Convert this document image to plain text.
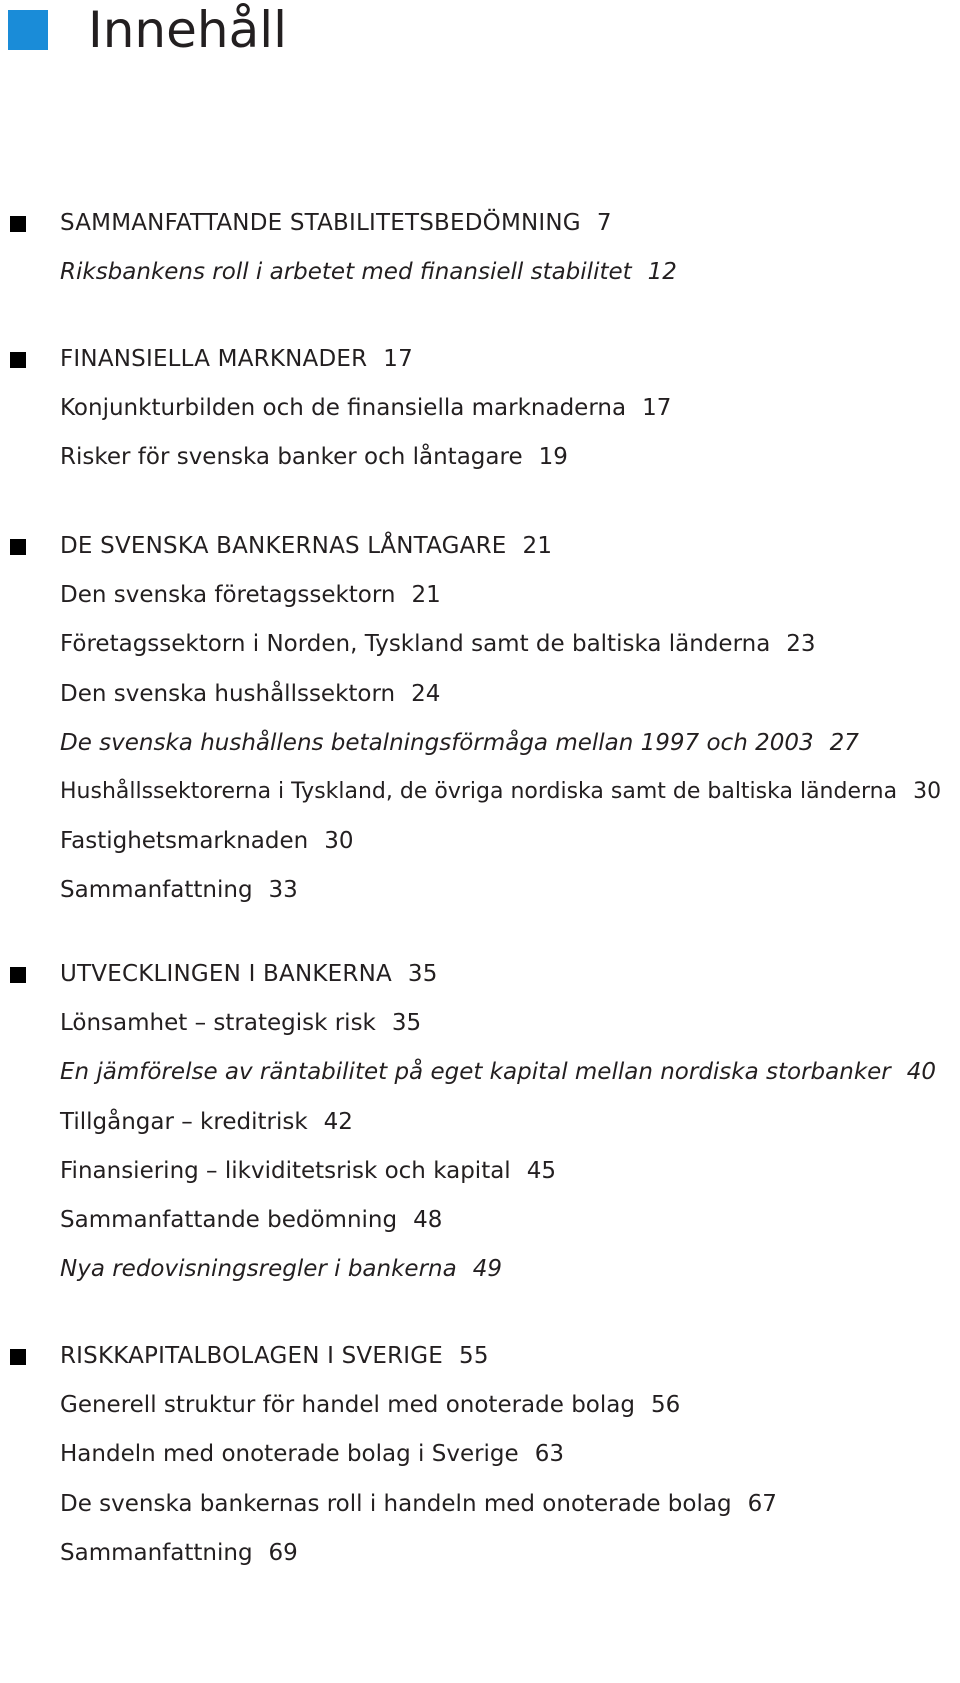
Innehåll
SAMMANFATTANDE STABILITETSBEDÖMNING 7
Riksbankens roll i arbetet med finansiell stabilitet 12
FINANSIELLA MARKNADER 17
Konjunkturbilden och de finansiella marknaderna 17
Risker för svenska banker och låntagare 19
DE SVENSKA BANKERNAS LÅNTAGARE 21
Den svenska företagssektorn 21
Företagssektorn i Norden, Tyskland samt de baltiska länderna 23
Den svenska hushållssektorn 24
De svenska hushållens betalningsförmåga mellan 1997 och 2003 27
Hushållssektorerna i Tyskland, de övriga nordiska samt de baltiska länderna 30
Fastighetsmarknaden 30
Sammanfattning 33
UTVECKLINGEN I BANKERNA 35
Lönsamhet – strategisk risk 35
En jämförelse av räntabilitet på eget kapital mellan nordiska storbanker 40
Tillgångar – kreditrisk 42
Finansiering – likviditetsrisk och kapital 45
Sammanfattande bedömning 48
Nya redovisningsregler i bankerna 49
RISKKAPITALBOLAGEN I SVERIGE 55
Generell struktur för handel med onoterade bolag 56
Handeln med onoterade bolag i Sverige 63
De svenska bankernas roll i handeln med onoterade bolag 67
Sammanfattning 69
